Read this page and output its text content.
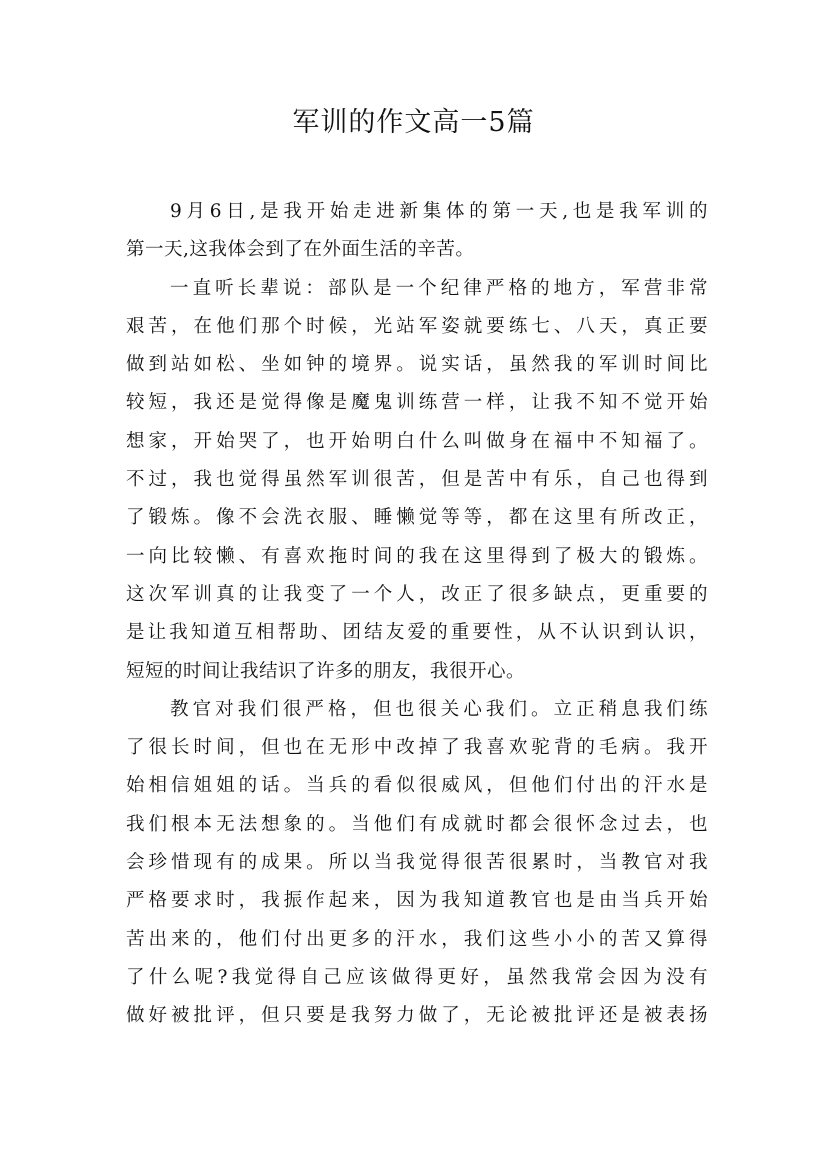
军训的作文高一5篇
9月6日,是我开始走进新集体的第一天,也是我军训的
第一天,这我体会到了在外面生活的辛苦。
一直听长辈说：部队是一个纪律严格的地方，军营非常
艰苦，在他们那个时候，光站军姿就要练七、八天，真正要
做到站如松、坐如钟的境界。说实话，虽然我的军训时间比
较短，我还是觉得像是魔鬼训练营一样，让我不知不觉开始
想家，开始哭了，也开始明白什么叫做身在福中不知福了。
不过，我也觉得虽然军训很苦，但是苦中有乐，自己也得到
了锻炼。像不会洗衣服、睡懒觉等等，都在这里有所改正，
一向比较懒、有喜欢拖时间的我在这里得到了极大的锻炼。
这次军训真的让我变了一个人，改正了很多缺点，更重要的
是让我知道互相帮助、团结友爱的重要性，从不认识到认识，
短短的时间让我结识了许多的朋友，我很开心。
教官对我们很严格，但也很关心我们。立正稍息我们练
了很长时间，但也在无形中改掉了我喜欢驼背的毛病。我开
始相信姐姐的话。当兵的看似很威风，但他们付出的汗水是
我们根本无法想象的。当他们有成就时都会很怀念过去，也
会珍惜现有的成果。所以当我觉得很苦很累时，当教官对我
严格要求时，我振作起来，因为我知道教官也是由当兵开始
苦出来的，他们付出更多的汗水，我们这些小小的苦又算得
了什么呢?我觉得自己应该做得更好，虽然我常会因为没有
做好被批评，但只要是我努力做了，无论被批评还是被表扬
